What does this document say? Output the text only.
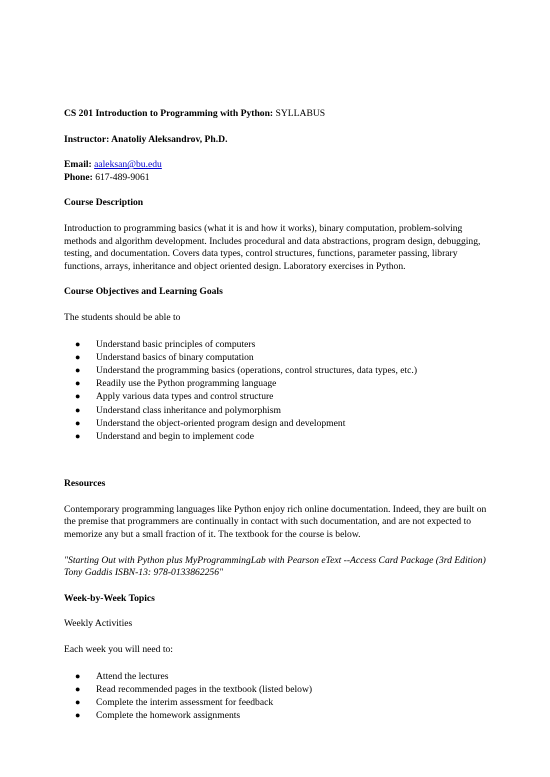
CS 201 Introduction to Programming with Python: SYLLABUS
Instructor: Anatoliy Aleksandrov, Ph.D.
Email: aaleksan@bu.edu
Phone: 617-489-9061
Course Description

Introduction to programming basics (what it is and how it works), binary computation, problem-solving methods and algorithm development. Includes procedural and data abstractions, program design, debugging, testing, and documentation. Covers data types, control structures, functions, parameter passing, library functions, arrays, inheritance and object oriented design. Laboratory exercises in Python.

Course Objectives and Learning Goals

The students should be able to

● Understand basic principles of computers
● Understand basics of binary computation
● Understand the programming basics (operations, control structures, data types, etc.)
● Readily use the Python programming language
● Apply various data types and control structure
● Understand class inheritance and polymorphism
● Understand the object-oriented program design and development
● Understand and begin to implement code
Resources

Contemporary programming languages like Python enjoy rich online documentation. Indeed, they are built on the premise that programmers are continually in contact with such documentation, and are not expected to memorize any but a small fraction of it. The textbook for the course is below.

"Starting Out with Python plus MyProgrammingLab with Pearson eText --Access Card Package (3rd Edition) Tony Gaddis ISBN-13: 978-0133862256"

Week-by-Week Topics

Weekly Activities

Each week you will need to:

● Attend the lectures
● Read recommended pages in the textbook (listed below)
● Complete the interim assessment for feedback
● Complete the homework assignments
